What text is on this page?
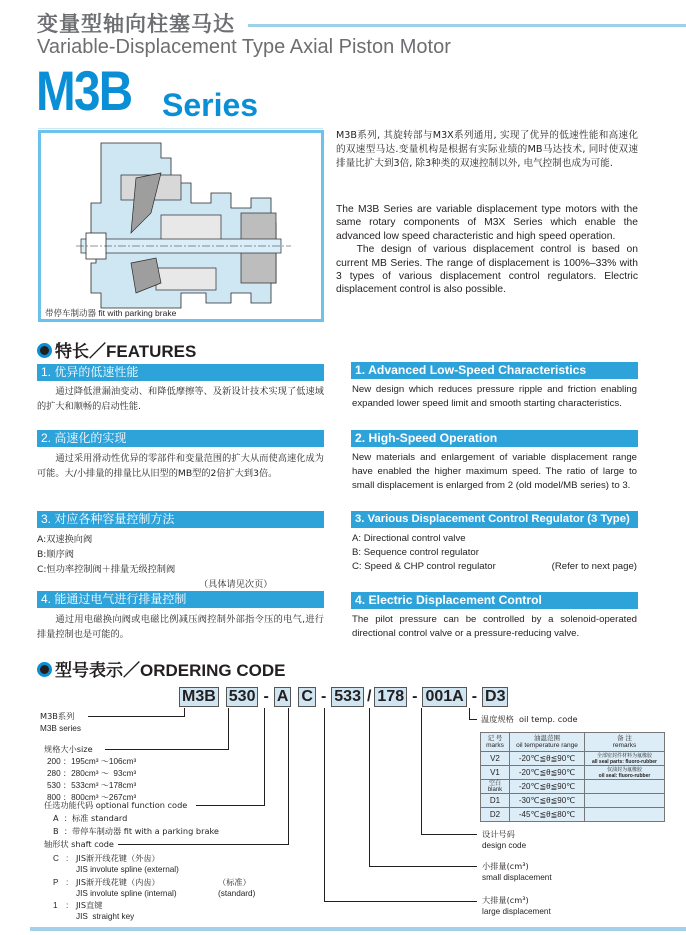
变量型轴向柱塞马达
Variable-Displacement Type Axial Piston Motor
M3B Series
带停车制动器 fit with parking brake
M3B系列, 其旋转部与M3X系列通用, 实现了优异的低速性能和高速化的双速型马达.变量机构是根据有实际业绩的MB马达技术, 同时使双速排量比扩大到3倍, 除3种类的双速控制以外, 电气控制也成为可能.
The M3B Series are variable displacement type motors with the same rotary components of M3X Series which enable the advanced low speed characteristic and high speed operation.
The design of various displacement control is based on current MB Series. The range of displacement is 100%–33% with 3 types of various displacement control regulators. Electric displacement control is also possible.
特长／FEATURES
1. 优异的低速性能
通过降低泄漏油变动、和降低摩擦等、及新设计技术实现了低速域的扩大和顺畅的启动性能.
2. 高速化的实现
通过采用滑动性优异的零部件和变量范围的扩大从而使高速化成为可能。大/小排量的排量比从旧型的MB型的2倍扩大到3倍。
3. 对应各种容量控制方法
A:双速换向阀
B:顺序阀
C:恒功率控制阀＋排量无级控制阀
（具体请见次页）
4. 能通过电气进行排量控制
通过用电磁换向阀或电磁比例减压阀控制外部指令压的电气,进行排量控制也是可能的。
1. Advanced Low-Speed Characteristics
New design which reduces pressure ripple and friction enabling expanded lower speed limit and smooth starting characteristics.
2. High-Speed Operation
New materials and enlargement of variable displacement range have enabled the higher maximum speed. The ratio of large to small displacement is enlarged from 2 (old model/MB series) to 3.
3. Various Displacement Control Regulator (3 Type)
A: Directional control valve
B: Sequence control regulator
C: Speed & CHP control regulator	(Refer to next page)
4. Electric Displacement Control
The pilot pressure can be controlled by a solenoid-operated directional control valve or a pressure-reducing valve.
型号表示／ORDERING CODE
M3B 530 - A C - 533 / 178 - 001A - D3
M3B系列
M3B series
规格大小size
200 ：195cm³ ～106cm³
280 ：280cm³ ～  93cm³
530 ：533cm³ ～178cm³
800 ：800cm³ ～267cm³
任选功能代码 optional function code
A  ：标准 standard
B  ：带停车制动器 fit with a parking brake
轴形状 shaft code
C : JIS渐开线花键（外齿）
JIS involute spline (external)
P : JIS渐开线花键（内齿）
JIS involute spline (internal)
（标准）
(standard)
1 : JIS直键
JIS  straight key
温度规格  oil temp. code
记 号
marks	油温范围
oil temperature range	备 注
remarks
V2	-20℃≦θ≦90℃	全部密封件材料为氟橡胶
all seal parts: fluoro-rubber
V1	-20℃≦θ≦90℃	仅油封为氟橡胶
oil seal: fluoro-rubber
空白 blank	-20℃≦θ≦90℃	
D1	-30℃≦θ≦90℃	
D2	-45℃≦θ≦80℃	
设计号码
design code
小排量(cm³)
small displacement
大排量(cm³)
large displacement
